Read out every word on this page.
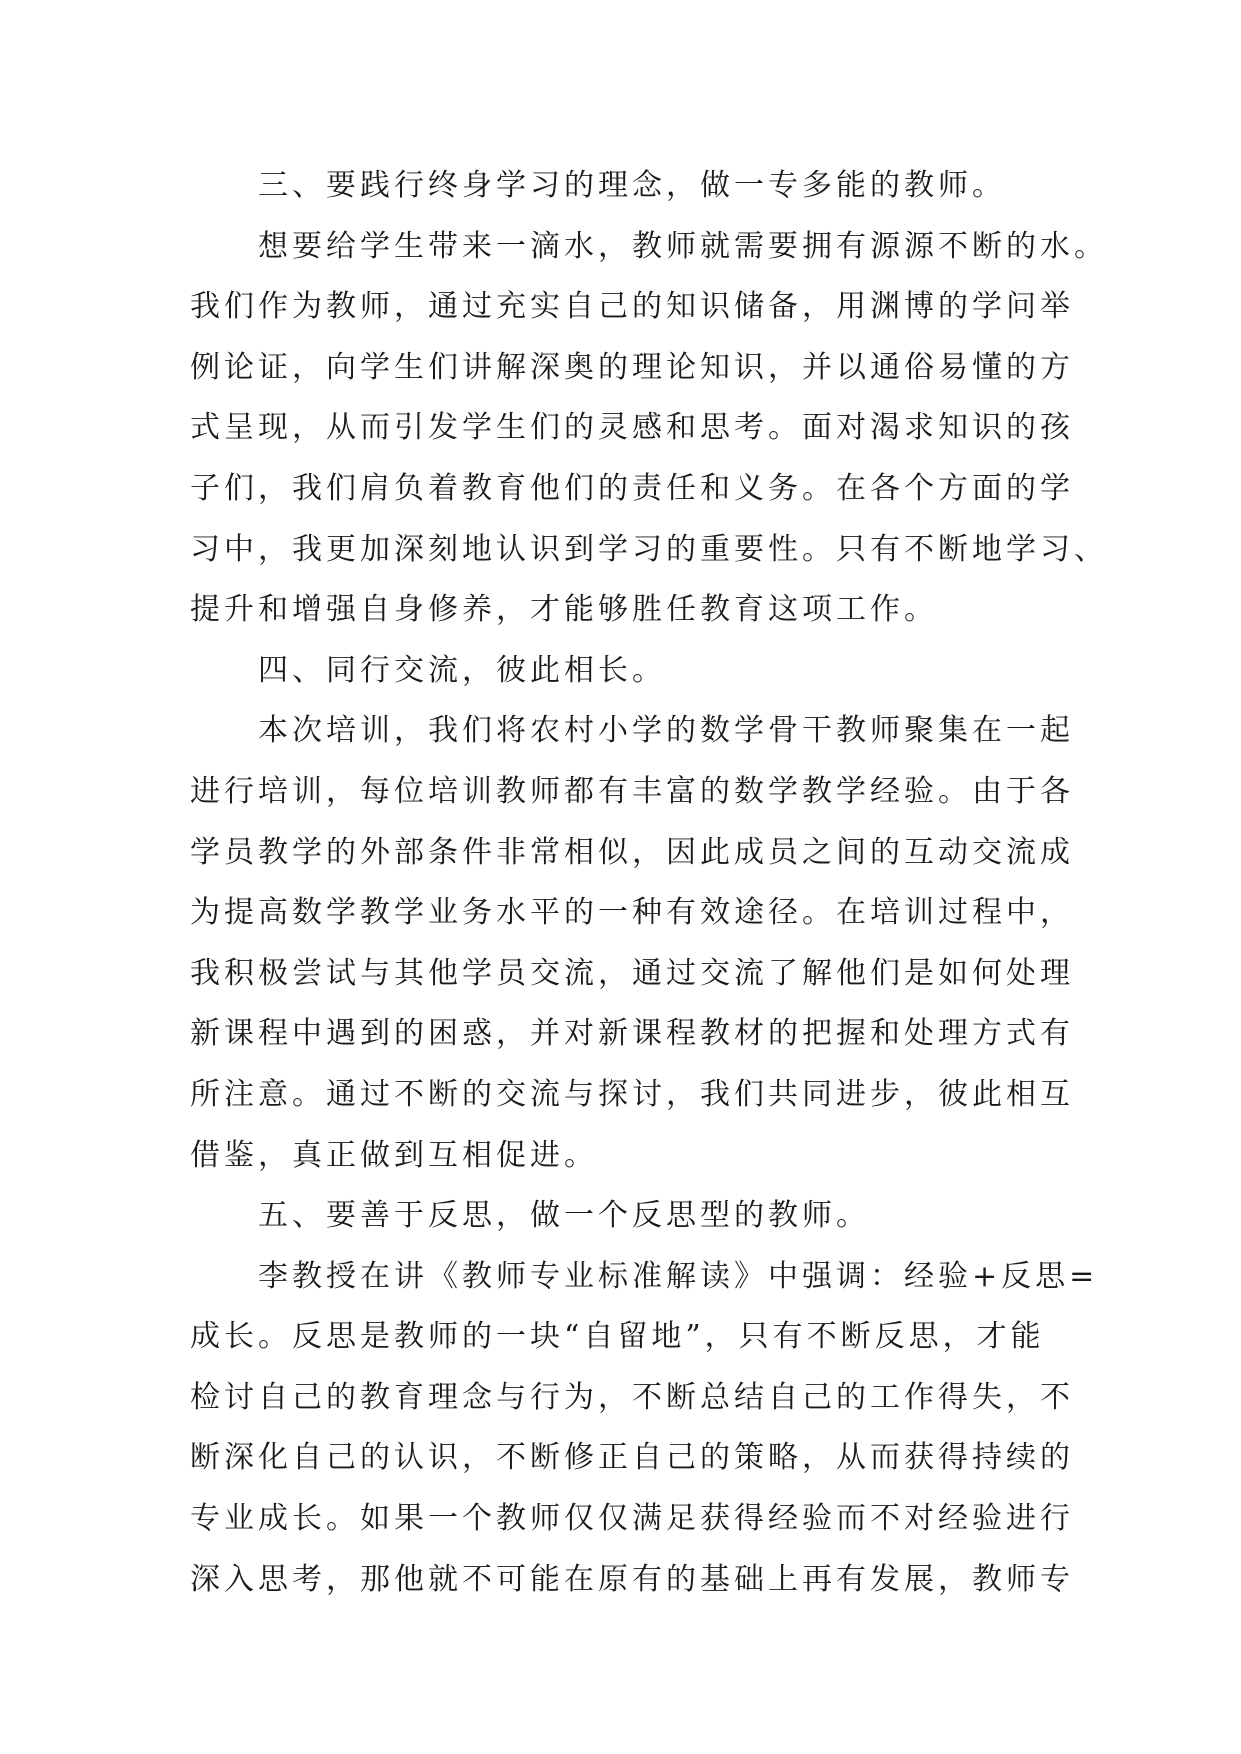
三、要践行终身学习的理念，做一专多能的教师。
想要给学生带来一滴水，教师就需要拥有源源不断的水。
我们作为教师，通过充实自己的知识储备，用渊博的学问举
例论证，向学生们讲解深奥的理论知识，并以通俗易懂的方
式呈现，从而引发学生们的灵感和思考。面对渴求知识的孩
子们，我们肩负着教育他们的责任和义务。在各个方面的学
习中，我更加深刻地认识到学习的重要性。只有不断地学习、
提升和增强自身修养，才能够胜任教育这项工作。
四、同行交流，彼此相长。
本次培训，我们将农村小学的数学骨干教师聚集在一起
进行培训，每位培训教师都有丰富的数学教学经验。由于各
学员教学的外部条件非常相似，因此成员之间的互动交流成
为提高数学教学业务水平的一种有效途径。在培训过程中，
我积极尝试与其他学员交流，通过交流了解他们是如何处理
新课程中遇到的困惑，并对新课程教材的把握和处理方式有
所注意。通过不断的交流与探讨，我们共同进步，彼此相互
借鉴，真正做到互相促进。
五、要善于反思，做一个反思型的教师。
李教授在讲《教师专业标准解读》中强调：经验+反思=
成长。反思是教师的一块“自留地”，只有不断反思，才能
检讨自己的教育理念与行为，不断总结自己的工作得失，不
断深化自己的认识，不断修正自己的策略，从而获得持续的
专业成长。如果一个教师仅仅满足获得经验而不对经验进行
深入思考，那他就不可能在原有的基础上再有发展，教师专
